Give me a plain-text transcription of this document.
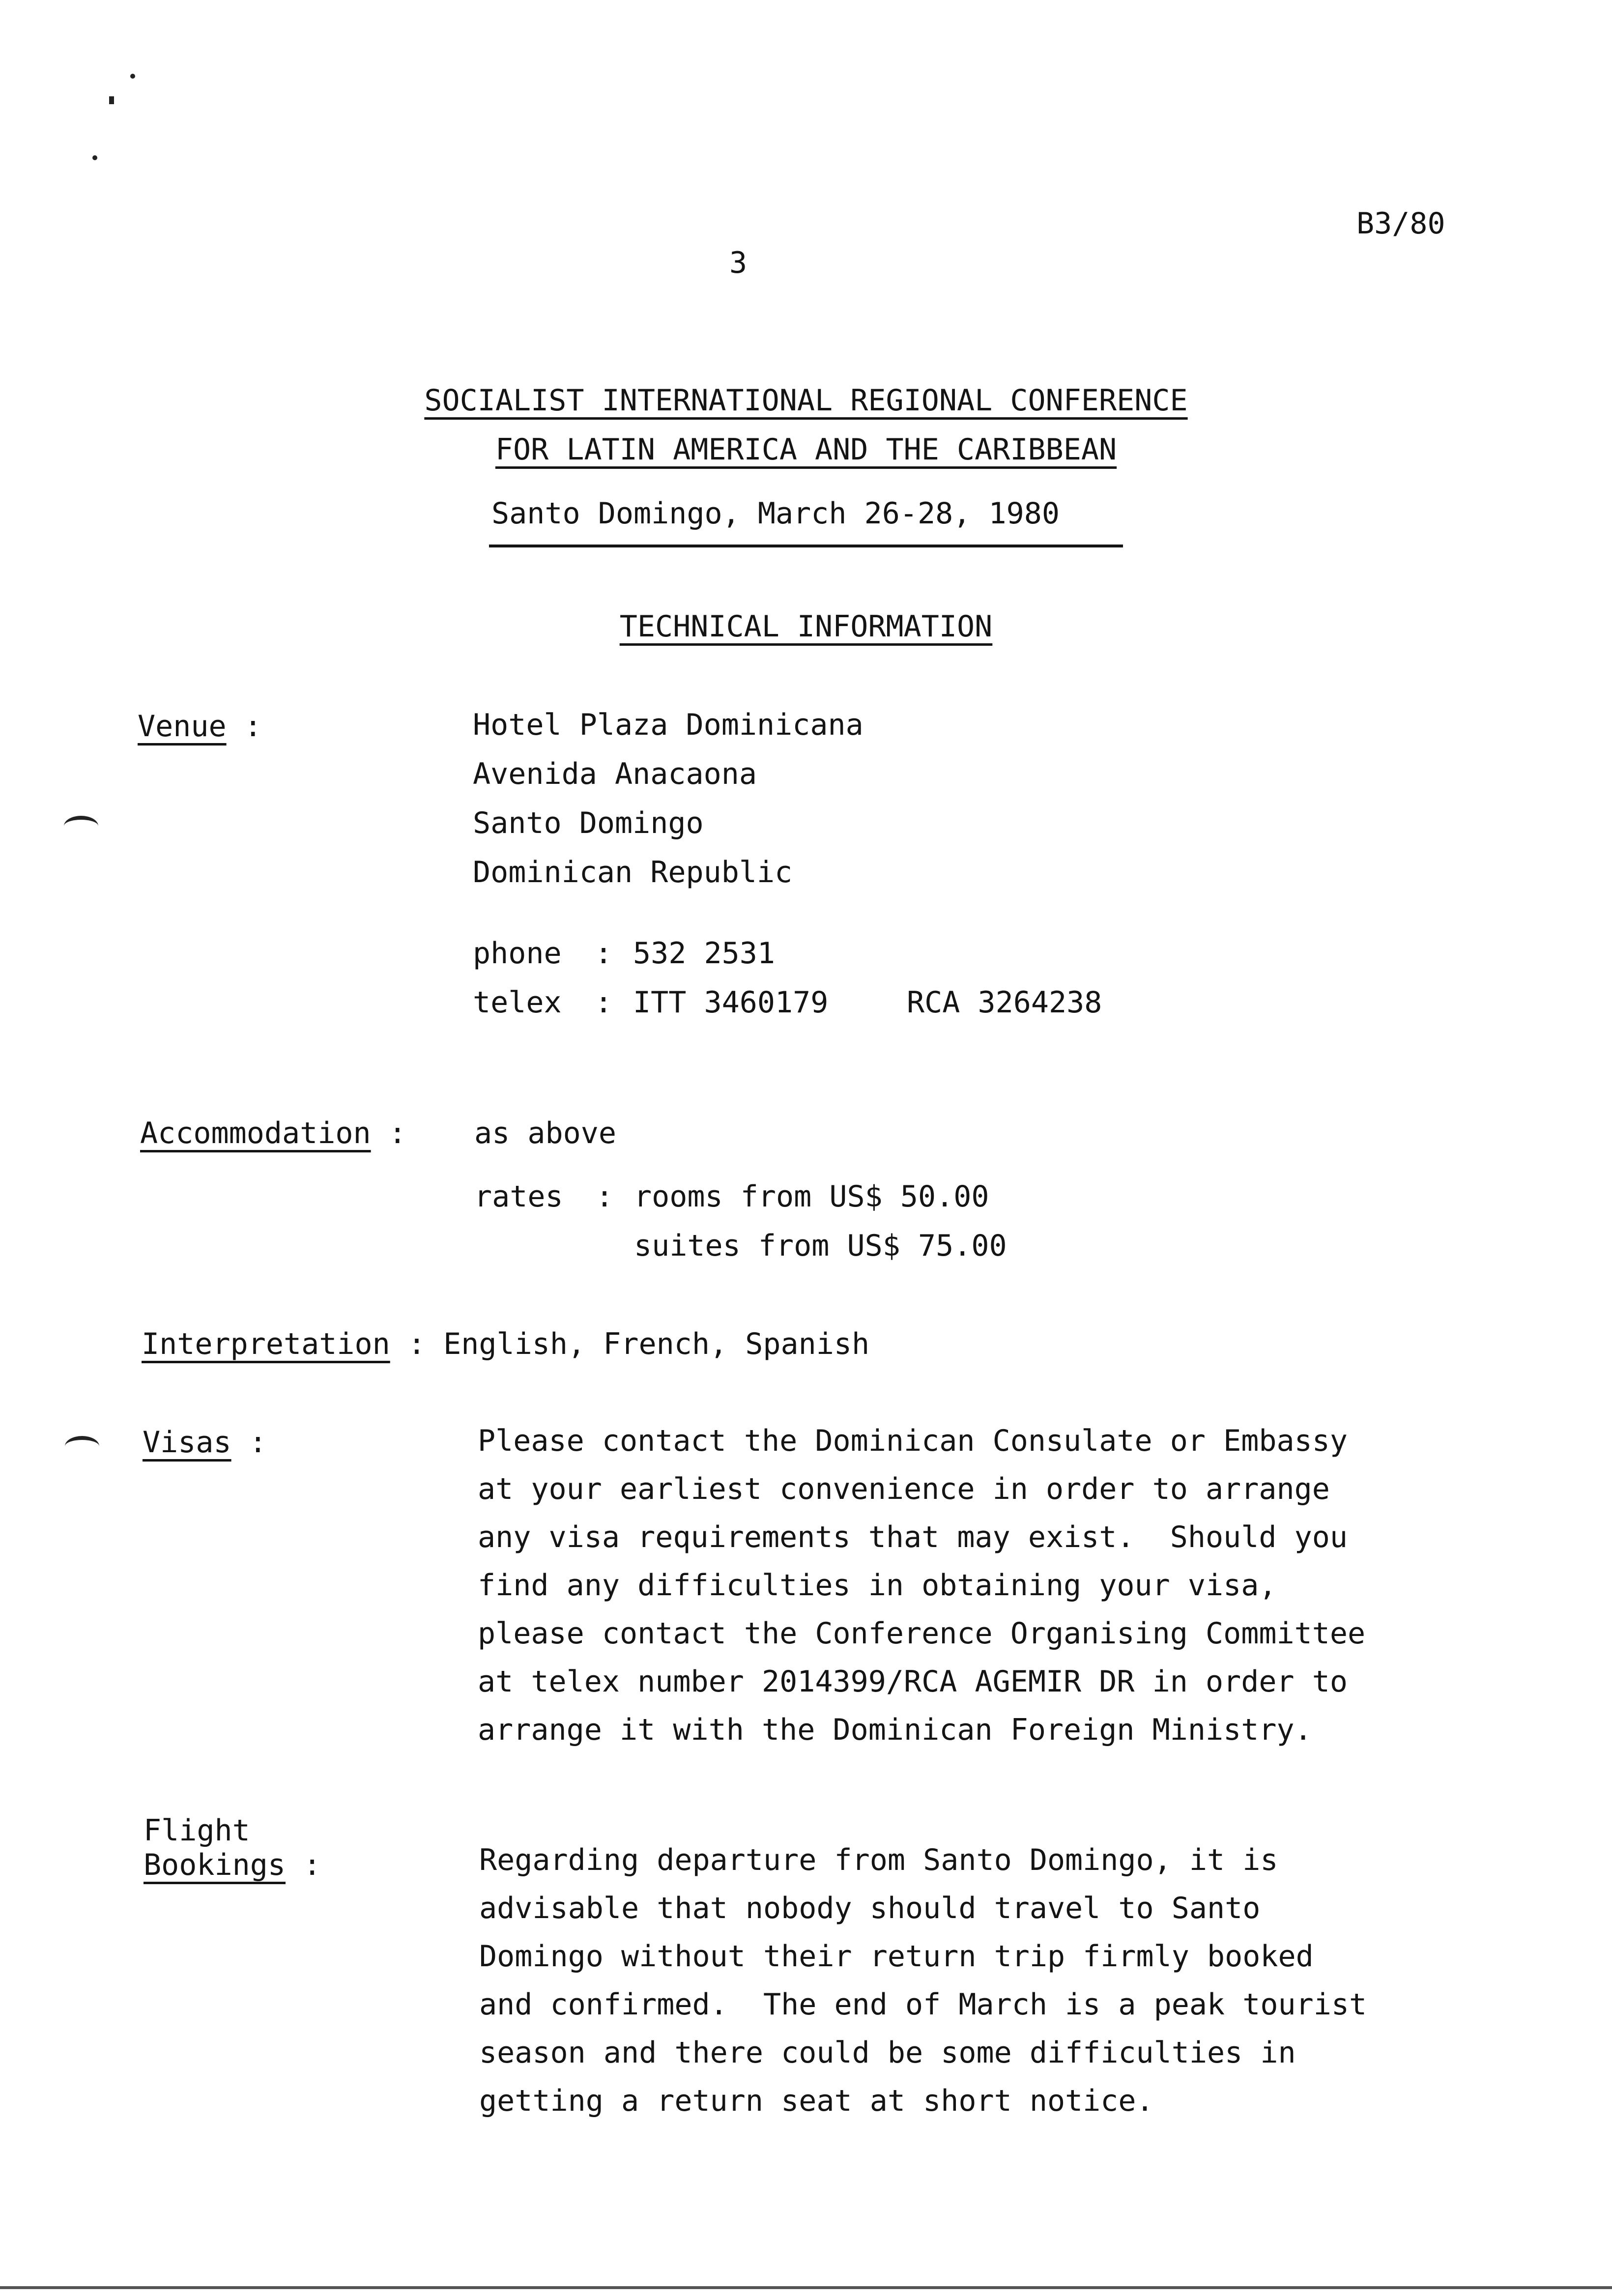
B3/80
3
SOCIALIST INTERNATIONAL REGIONAL CONFERENCE
FOR LATIN AMERICA AND THE CARIBBEAN
Santo Domingo, March 26-28, 1980
TECHNICAL INFORMATION
Venue :	Hotel Plaza Dominicana
Avenida Anacaona
Santo Domingo
Dominican Republic
phone : 532 2531
telex : ITT 3460179	RCA 3264238
Accommodation : as above
rates : rooms from US$ 50.00
suites from US$ 75.00
Interpretation : English, French, Spanish
Visas :	Please contact the Dominican Consulate or Embassy
at your earliest convenience in order to arrange
any visa requirements that may exist.  Should you
find any difficulties in obtaining your visa,
please contact the Conference Organising Committee
at telex number 2014399/RCA AGEMIR DR in order to
arrange it with the Dominican Foreign Ministry.
Flight
Bookings :	Regarding departure from Santo Domingo, it is
advisable that nobody should travel to Santo
Domingo without their return trip firmly booked
and confirmed.  The end of March is a peak tourist
season and there could be some difficulties in
getting a return seat at short notice.
